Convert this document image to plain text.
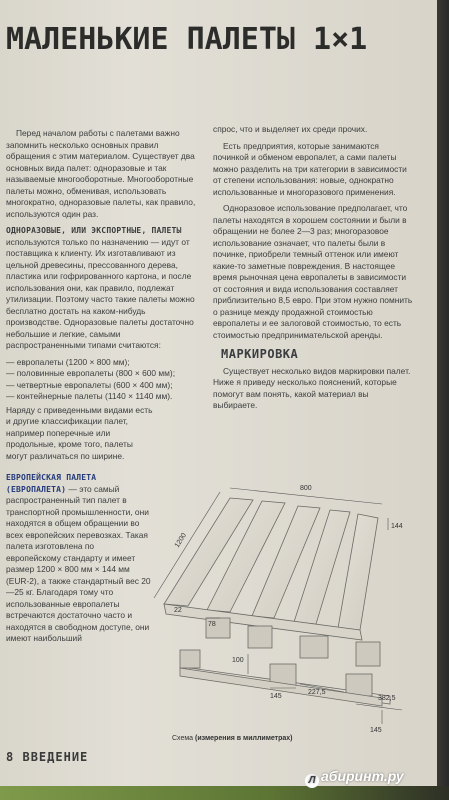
МАЛЕНЬКИЕ ПАЛЕТЫ 1×1

Перед началом работы с палетами важно запомнить несколько основных правил обращения с этим материалом. Существует два основных вида палет: одноразовые и так называемые многооборотные. Многооборотные палеты можно, обменивая, использовать многократно, одноразовые палеты, как правило, используются один раз.

ОДНОРАЗОВЫЕ, ИЛИ ЭКСПОРТНЫЕ, ПАЛЕТЫ используются только по назначению — идут от поставщика к клиенту. Их изготавливают из цельной древесины, прессованного дерева, пластика или гофрированного картона, и после использования они, как правило, подлежат утилизации. Поэтому часто такие палеты можно бесплатно достать на каком-нибудь производстве. Одноразовые палеты достаточно небольшие и легкие, самыми распространенными типами считаются:

— европалеты (1200 × 800 мм);
— половинные европалеты (800 × 600 мм);
— четвертные европалеты (600 × 400 мм);
— контейнерные палеты (1140 × 1140 мм).

Наряду с приведенными видами есть и другие классификации палет, например поперечные или продольные, кроме того, палеты могут различаться по ширине.

ЕВРОПЕЙСКАЯ ПАЛЕТА (ЕВРОПАЛЕТА) — это самый распространенный тип палет в транспортной промышленности, они находятся в общем обращении во всех европейских перевозках. Такая палета изготовлена по европейскому стандарту и имеет размер 1200 × 800 мм × 144 мм (EUR-2), а также стандартный вес 20—25 кг. Благодаря тому что использованные европалеты встречаются достаточно часто и находятся в свободном доступе, они имеют наибольший

спрос, что и выделяет их среди прочих.

Есть предприятия, которые занимаются починкой и обменом европалет, а сами палеты можно разделить на три категории в зависимости от степени использования: новые, однократно использованные и многоразового применения.

Одноразовое использование предполагает, что палеты находятся в хорошем состоянии и были в обращении не более 2—3 раз; многоразовое использование означает, что палеты были в починке, приобрели темный оттенок или имеют какие-то заметные повреждения. В настоящее время рыночная цена европалеты в зависимости от состояния и вида использования составляет приблизительно 8,5 евро. При этом нужно помнить о разнице между продажной стоимостью европалеты и ее залоговой стоимостью, то есть стоимостью предпринимательской аренды.

МАРКИРОВКА

Существует несколько видов маркировки палет. Ниже я приведу несколько пояснений, которые помогут вам понять, какой материал вы выбираете.

800
1200
144
22
78
100
145
227,5
382,5
145
Схема (измерения в миллиметрах)
8 ВВЕДЕНИЕ
Л абиринт.ру
